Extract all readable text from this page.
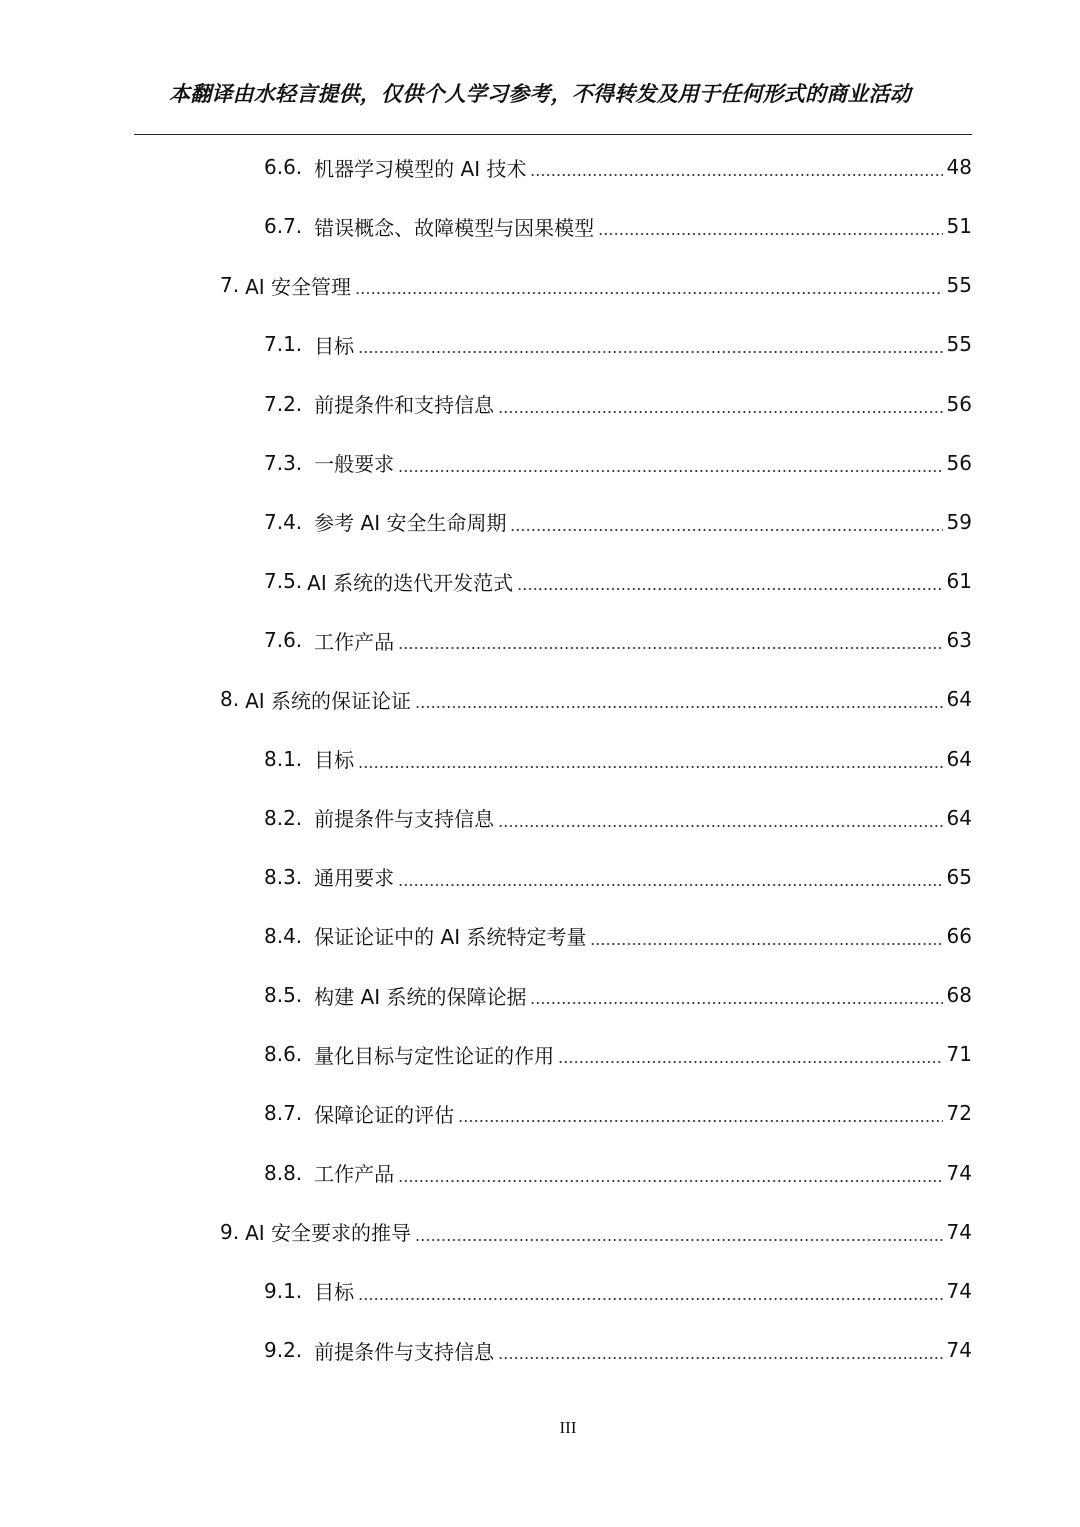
本翻译由水轻言提供，仅供个人学习参考，不得转发及用于任何形式的商业活动
6.6. 机器学习模型的 AI 技术	48
6.7. 错误概念、故障模型与因果模型	51
7. AI 安全管理	55
7.1. 目标	55
7.2. 前提条件和支持信息	56
7.3. 一般要求	56
7.4. 参考 AI 安全生命周期	59
7.5. AI 系统的迭代开发范式	61
7.6. 工作产品	63
8. AI 系统的保证论证	64
8.1. 目标	64
8.2. 前提条件与支持信息	64
8.3. 通用要求	65
8.4. 保证论证中的 AI 系统特定考量	66
8.5. 构建 AI 系统的保障论据	68
8.6. 量化目标与定性论证的作用	71
8.7. 保障论证的评估	72
8.8. 工作产品	74
9. AI 安全要求的推导	74
9.1. 目标	74
9.2. 前提条件与支持信息	74
III
